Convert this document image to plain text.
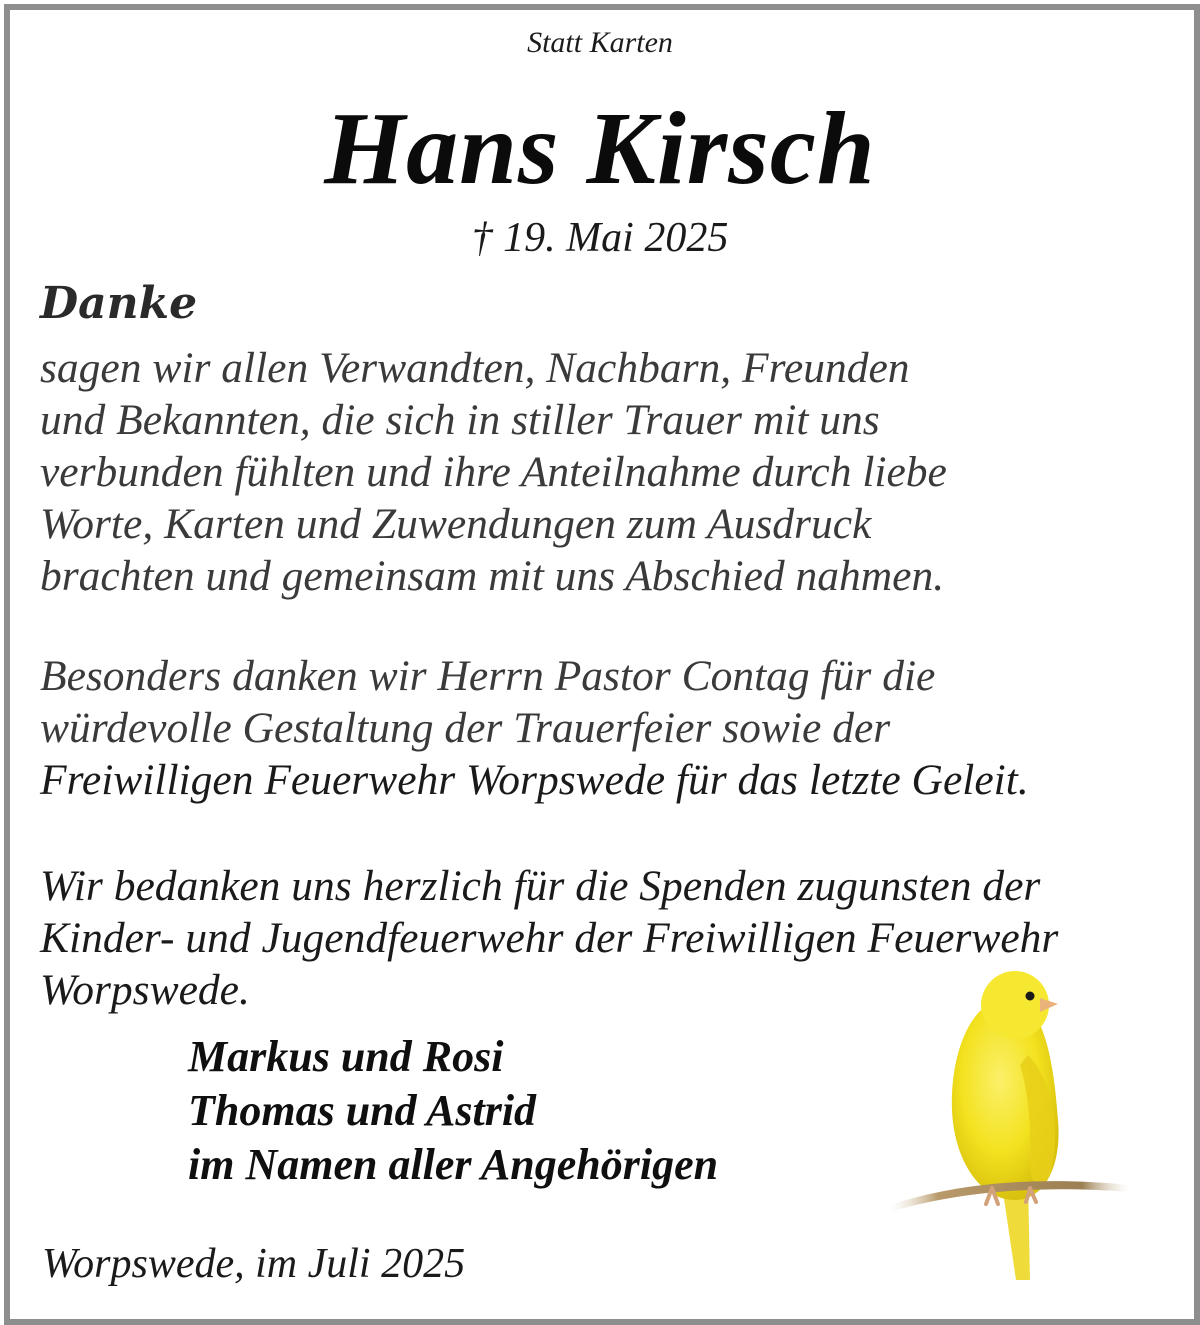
Statt Karten
Hans Kirsch
† 19. Mai 2025
Danke
sagen wir allen Verwandten, Nachbarn, Freunden
und Bekannten, die sich in stiller Trauer mit uns
verbunden fühlten und ihre Anteilnahme durch liebe
Worte, Karten und Zuwendungen zum Ausdruck
brachten und gemeinsam mit uns Abschied nahmen.
Besonders danken wir Herrn Pastor Contag für die
würdevolle Gestaltung der Trauerfeier sowie der
Freiwilligen Feuerwehr Worpswede für das letzte Geleit.
Wir bedanken uns herzlich für die Spenden zugunsten der
Kinder- und Jugendfeuerwehr der Freiwilligen Feuerwehr
Worpswede.
Markus und Rosi
Thomas und Astrid
im Namen aller Angehörigen
Worpswede, im Juli 2025
